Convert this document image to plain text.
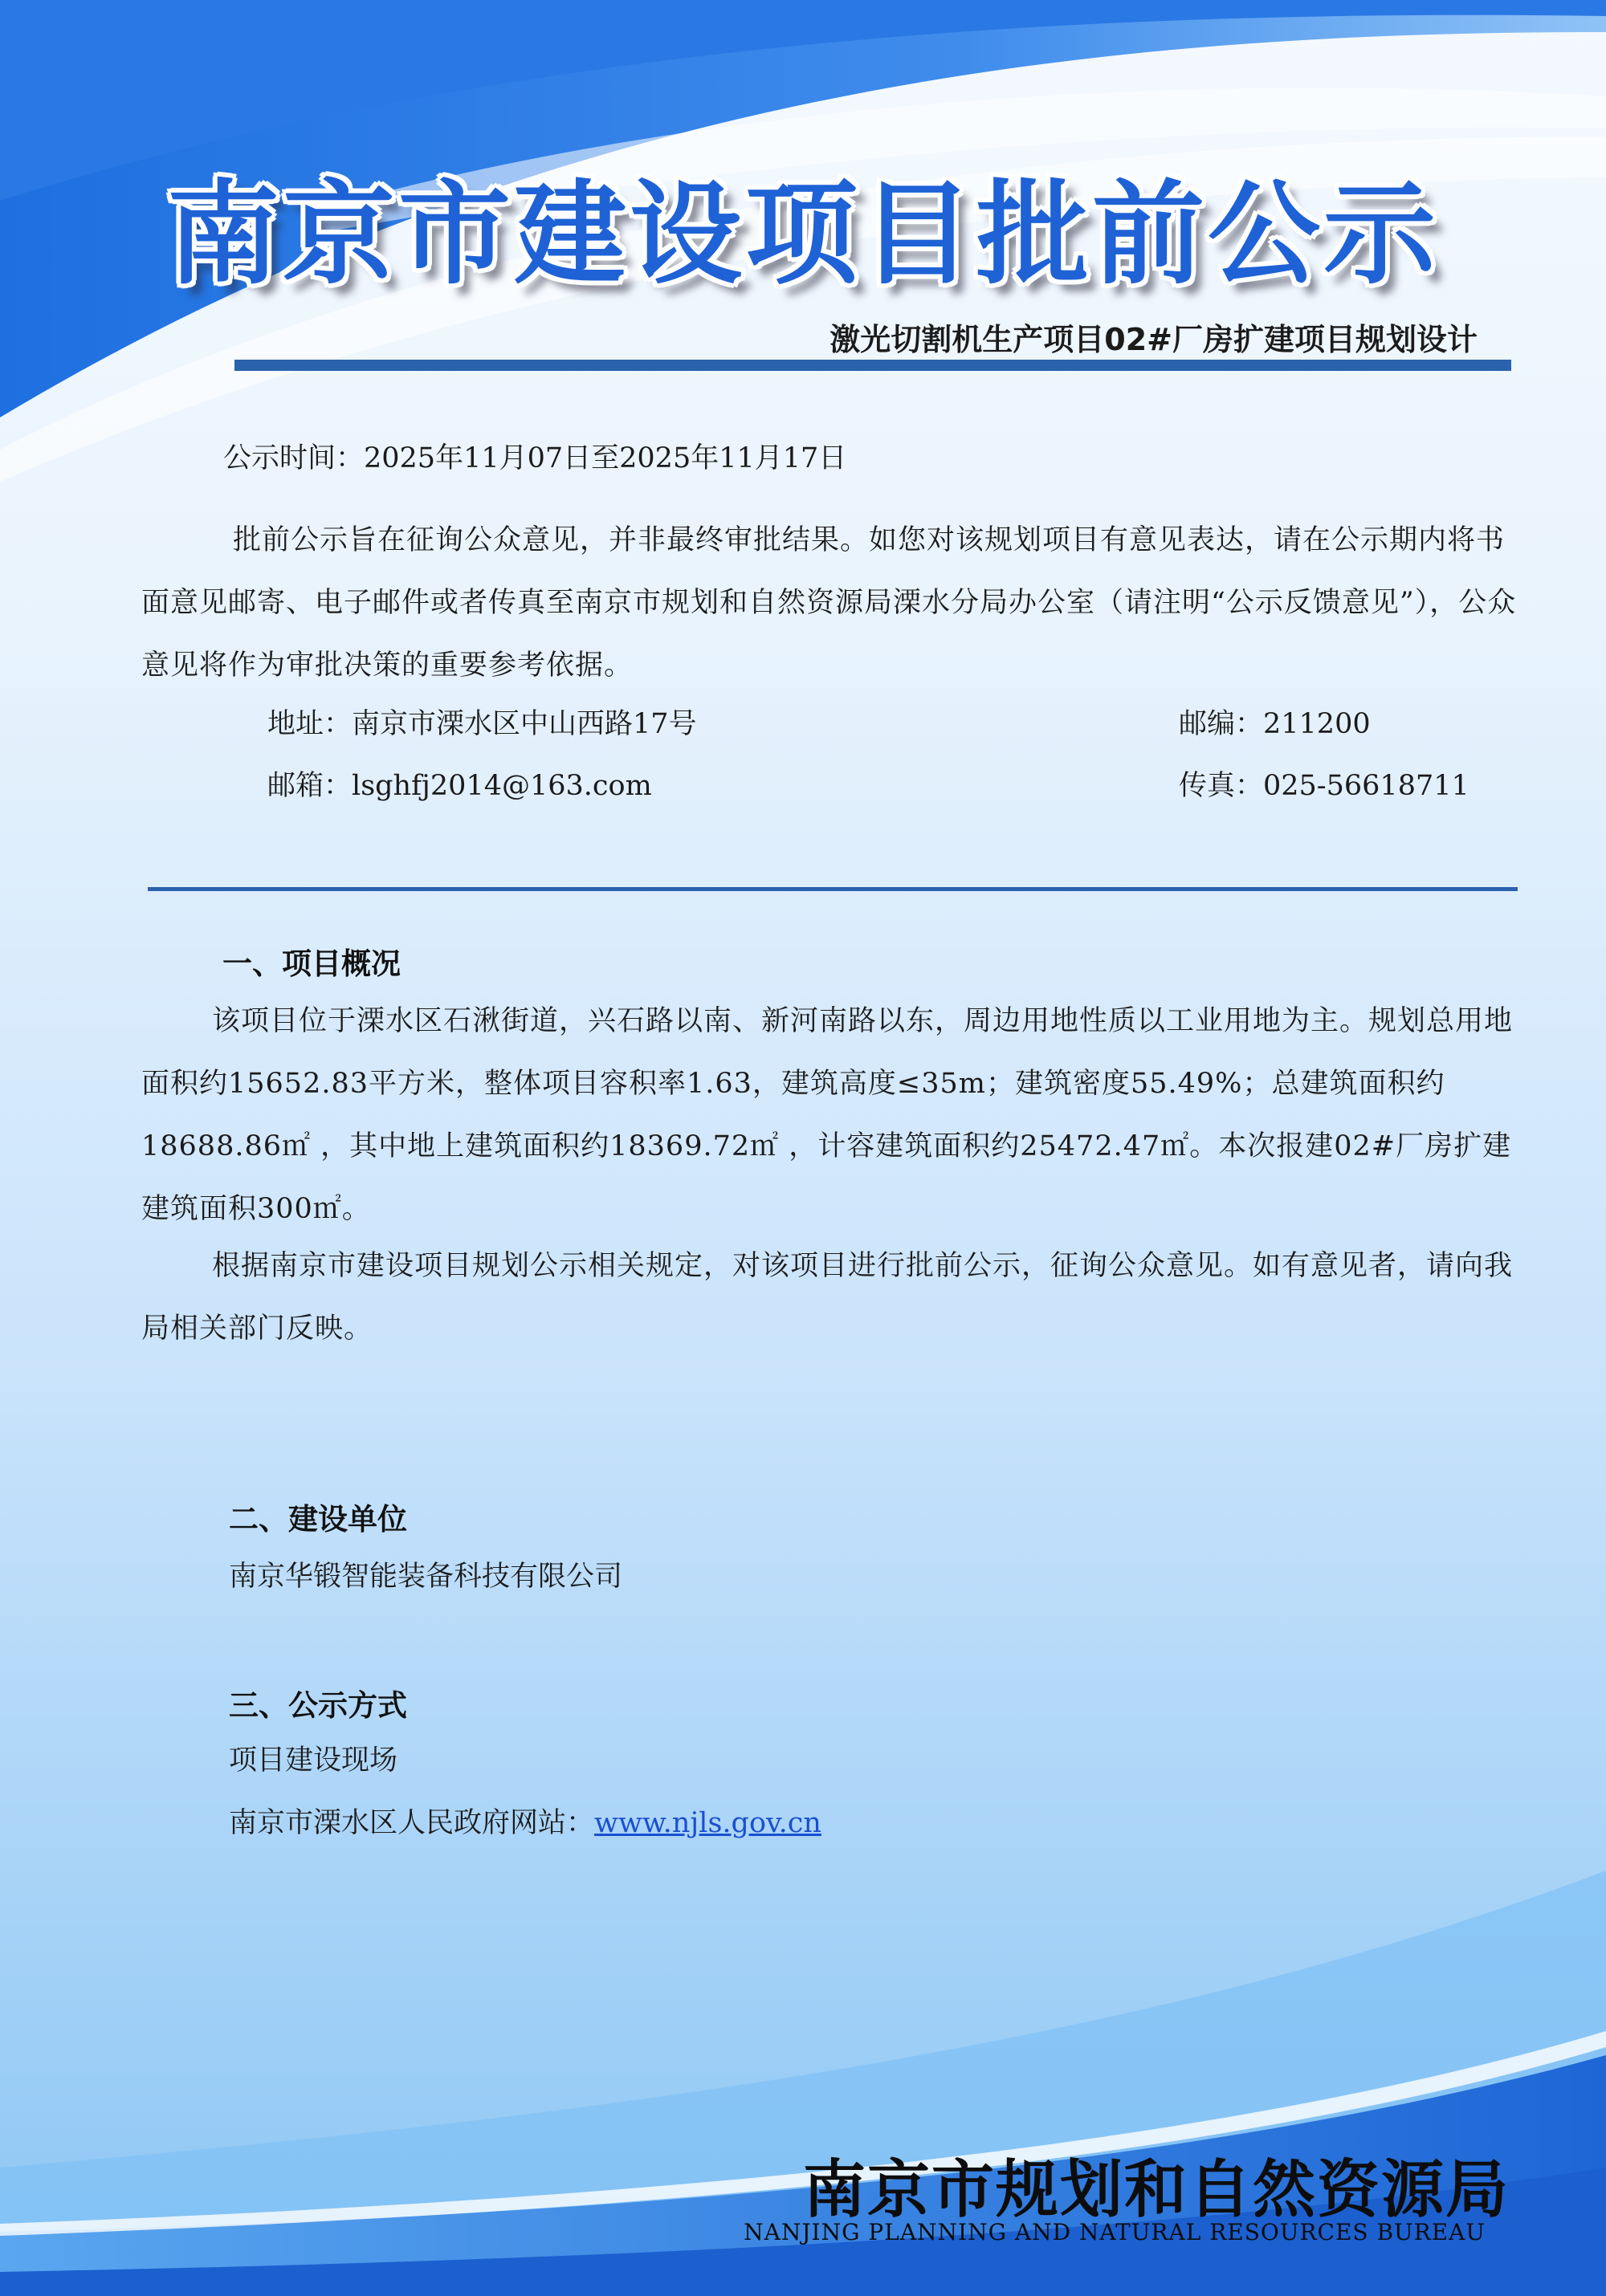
南京市建设项目批前公示
激光切割机生产项目02#厂房扩建项目规划设计
公示时间：2025年11月07日至2025年11月17日
批前公示旨在征询公众意见，并非最终审批结果。如您对该规划项目有意见表达，请在公示期内将书面意见邮寄、电子邮件或者传真至南京市规划和自然资源局溧水分局办公室（请注明“公示反馈意见”），公众意见将作为审批决策的重要参考依据。
地址：南京市溧水区中山西路17号	邮编：211200
邮箱：lsghfj2014@163.com	传真：025-56618711
一、项目概况
该项目位于溧水区石湫街道，兴石路以南、新河南路以东，周边用地性质以工业用地为主。规划总用地面积约15652.83平方米，整体项目容积率1.63，建筑高度≤35m；建筑密度55.49%；总建筑面积约18688.86㎡ ，其中地上建筑面积约18369.72㎡ ，计容建筑面积约25472.47㎡。本次报建02#厂房扩建建筑面积300㎡。
根据南京市建设项目规划公示相关规定，对该项目进行批前公示，征询公众意见。如有意见者，请向我局相关部门反映。
二、建设单位
南京华锻智能装备科技有限公司
三、公示方式
项目建设现场
南京市溧水区人民政府网站：www.njls.gov.cn
南京市规划和自然资源局
NANJING PLANNING AND NATURAL RESOURCES BUREAU
